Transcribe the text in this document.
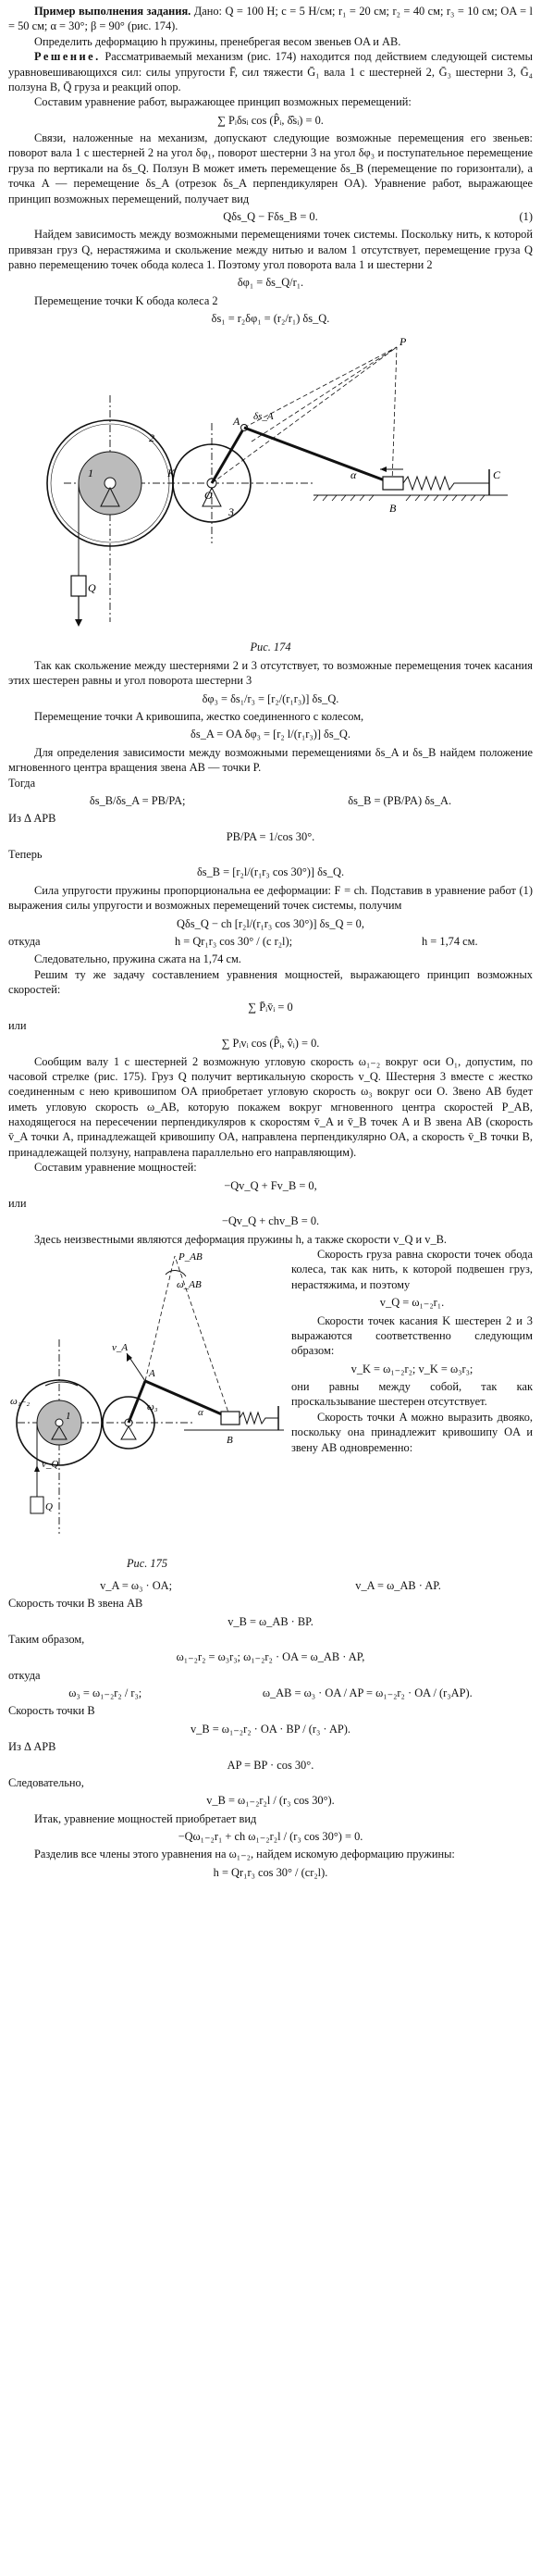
Пример выполнения задания. Дано: Q = 100 Н; c = 5 Н/см; r₁ = 20 см; r₂ = 40 см; r₃ = 10 см; OA = l = 50 см; α = 30°; β = 90° (рис. 174).

Определить деформацию h пружины, пренебрегая весом звеньев OA и AB.

Решение. Рассматриваемый механизм (рис. 174) находится под действием следующей системы уравновешивающихся сил: силы упругости F̄, сил тяжести Ḡ₁ вала 1 с шестерней 2, Ḡ₃ шестерни 3, Ḡ₄ ползуна B, Q̄ груза и реакций опор.

Составим уравнение работ, выражающее принцип возможных перемещений:

∑ Pᵢδsᵢ cos (P̂ᵢ, δ̂sᵢ) = 0.

Связи, наложенные на механизм, допускают следующие возможные перемещения его звеньев: поворот вала 1 с шестерней 2 на угол δφ₁, поворот шестерни 3 на угол δφ₃ и поступательное перемещение груза по вертикали на δs_Q. Ползун B может иметь перемещение δs_B (перемещение по горизонтали), а точка A — перемещение δs_A (отрезок δs_A перпендикулярен OA). Уравнение работ, выражающее принцип возможных перемещений, получает вид

Qδs_Q − Fδs_B = 0.	(1)

Найдем зависимость между возможными перемещениями точек системы. Поскольку нить, к которой привязан груз Q, нерастяжима и скольжение между нитью и валом 1 отсутствует, перемещение груза Q равно перемещению точек обода колеса 1. Поэтому угол поворота вала 1 и шестерни 2

δφ₁ = δs_Q/r₁.

Перемещение точки K обода колеса 2

δs₁ = r₂δφ₁ = (r₂/r₁) δs_Q.

P
δs_A
A
K
1
2
3
O
Q
α
B
C

Рис. 174

Так как скольжение между шестернями 2 и 3 отсутствует, то возможные перемещения точек касания этих шестерен равны и угол поворота шестерни 3

δφ₃ = δs₁/r₃ = [r₂/(r₁r₃)] δs_Q.

Перемещение точки A кривошипа, жестко соединенного с колесом,

δs_A = OA δφ₃ = [r₂ l/(r₁r₃)] δs_Q.

Для определения зависимости между возможными перемещениями δs_A и δs_B найдем положение мгновенного центра вращения звена AB — точки P.

Тогда

δs_B/δs_A = PB/PA;	δs_B = (PB/PA) δs_A.

Из Δ APB

PB/PA = 1/cos 30°.

Теперь

δs_B = [r₂l/(r₁r₃ cos 30°)] δs_Q.

Сила упругости пружины пропорциональна ее деформации: F = ch. Подставив в уравнение работ (1) выражения силы упругости и возможных перемещений точек системы, получим

Qδs_Q − ch [r₂l/(r₁r₃ cos 30°)] δs_Q = 0,

откуда	h = Qr₁r₃ cos 30° / (c r₂l);	h = 1,74 см.

Следовательно, пружина сжата на 1,74 см.

Решим ту же задачу составлением уравнения мощностей, выражающего принцип возможных скоростей:

∑ P̄ᵢv̄ᵢ = 0

или

∑ Pᵢvᵢ cos (P̂ᵢ, v̂ᵢ) = 0.

Сообщим валу 1 с шестерней 2 возможную угловую скорость ω₁₋₂ вокруг оси O₁, допустим, по часовой стрелке (рис. 175). Груз Q получит вертикальную скорость v_Q. Шестерня 3 вместе с жестко соединенным с нею кривошипом OA приобретает угловую скорость ω₃ вокруг оси O. Звено AB будет иметь угловую скорость ω_AB, которую покажем вокруг мгновенного центра скоростей P_AB, находящегося на пересечении перпендикуляров к скоростям v̄_A и v̄_B точек A и B звена AB (скорость v̄_A точки A, принадлежащей кривошипу OA, направлена перпендикулярно OA, а скорость v̄_B точки B, принадлежащей ползуну, направлена параллельно его направляющим).

Составим уравнение мощностей:

−Qv_Q + Fv_B = 0,

или

−Qv_Q + chv_B = 0.

Здесь неизвестными являются деформация пружины h, а также скорости v_Q и v_B.

P_AB
ω_AB
v_A
A
B
ω₁₋₂	ω₃
1
v_Q
Q
α

Рис. 175

Скорость груза равна скорости точек обода колеса, так как нить, к которой подвешен груз, нерастяжима, и поэтому

v_Q = ω₁₋₂r₁.

Скорости точек касания K шестерен 2 и 3 выражаются соответственно следующим образом:

v_K = ω₁₋₂r₂; v_K = ω₃r₃;

они равны между собой, так как проскальзывание шестерен отсутствует.

Скорость точки A можно выразить двояко, поскольку она принадлежит кривошипу OA и звену AB одновременно:

v_A = ω₃ · OA;	v_A = ω_AB · AP.

Скорость точки B звена AB

v_B = ω_AB · BP.

Таким образом,

ω₁₋₂r₂ = ω₃r₃; ω₁₋₂r₂ · OA = ω_AB · AP,

откуда

ω₃ = ω₁₋₂r₂ / r₃;	ω_AB = ω₃ · OA / AP = ω₁₋₂r₂ · OA / (r₃AP).

Скорость точки B

v_B = ω₁₋₂r₂ · OA · BP / (r₃ · AP).

Из Δ APB

AP = BP · cos 30°.

Следовательно,

v_B = ω₁₋₂r₂l / (r₃ cos 30°).

Итак, уравнение мощностей приобретает вид

−Qω₁₋₂r₁ + ch ω₁₋₂r₂l / (r₃ cos 30°) = 0.

Разделив все члены этого уравнения на ω₁₋₂, найдем искомую деформацию пружины:

h = Qr₁r₃ cos 30° / (cr₂l).
